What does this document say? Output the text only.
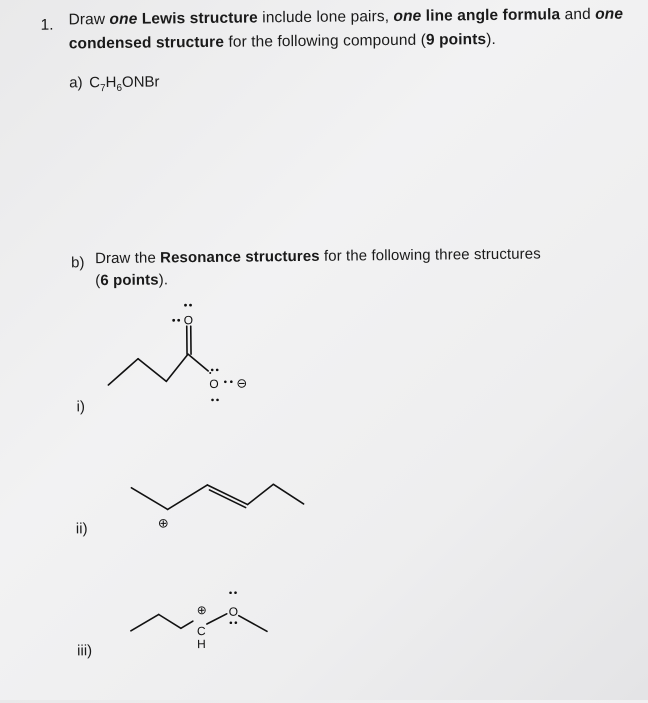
1. Draw one Lewis structure include lone pairs, one line angle formula and one
condensed structure for the following compound (9 points).
a) $C_7H_6ONBr$
b) Draw the Resonance structures for the following three structures
(6 points).
i)
O
O ⊖
ii)	⊕
iii)
⊕
C
H
O
